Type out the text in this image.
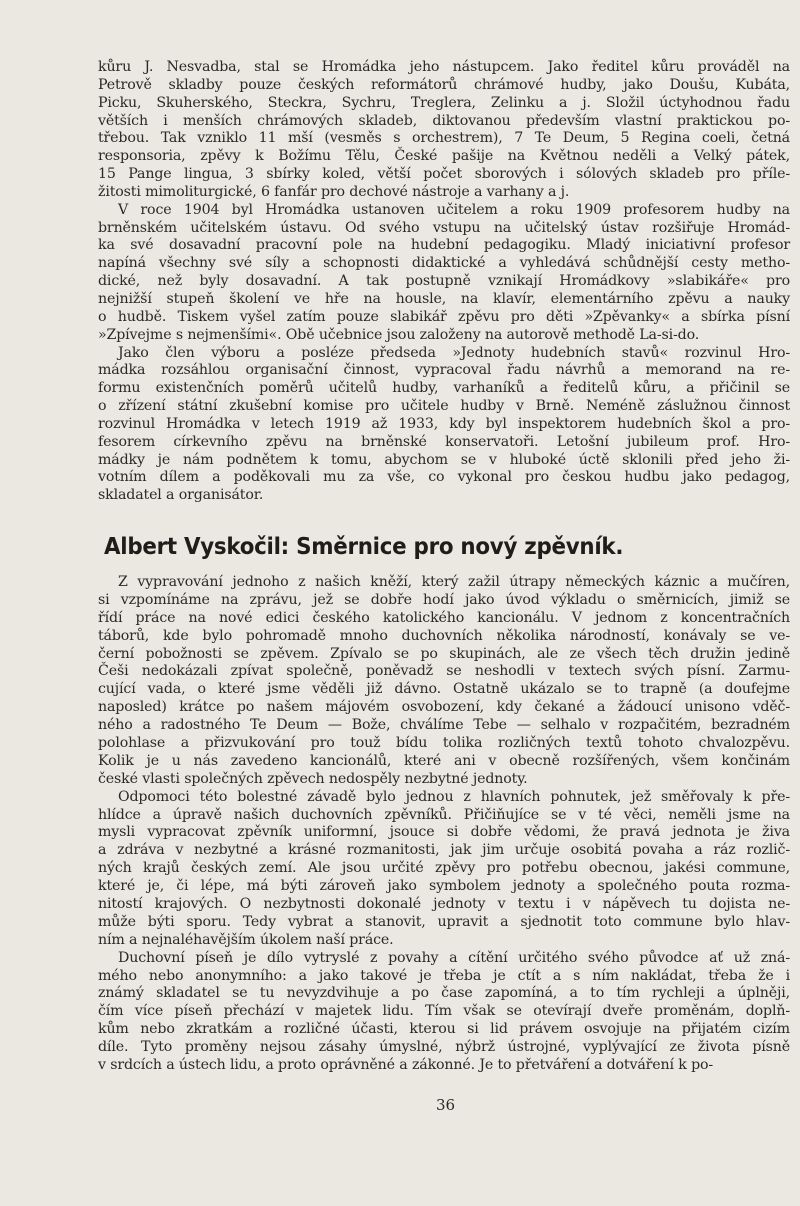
kůru J. Nesvadba, stal se Hromádka jeho nástupcem. Jako ředitel kůru prováděl na
Petrově skladby pouze českých reformátorů chrámové hudby, jako Doušu, Kubáta,
Picku, Skuherského, Steckra, Sychru, Treglera, Zelinku a j. Složil úctyhodnou řadu
větších i menších chrámových skladeb, diktovanou především vlastní praktickou po-
třebou. Tak vzniklo 11 mší (vesměs s orchestrem), 7 Te Deum, 5 Regina coeli, četná
responsoria, zpěvy k Božímu Tělu, České pašije na Květnou neděli a Velký pátek,
15 Pange lingua, 3 sbírky koled, větší počet sborových i sólových skladeb pro příle-
žitosti mimoliturgické, 6 fanfár pro dechové nástroje a varhany a j.
V roce 1904 byl Hromádka ustanoven učitelem a roku 1909 profesorem hudby na
brněnském učitelském ústavu. Od svého vstupu na učitelský ústav rozšiřuje Hromád-
ka své dosavadní pracovní pole na hudební pedagogiku. Mladý iniciativní profesor
napíná všechny své síly a schopnosti didaktické a vyhledává schůdnější cesty metho-
dické, než byly dosavadní. A tak postupně vznikají Hromádkovy »slabikáře« pro
nejnižší stupeň školení ve hře na housle, na klavír, elementárního zpěvu a nauky
o hudbě. Tiskem vyšel zatím pouze slabikář zpěvu pro děti »Zpěvanky« a sbírka písní
»Zpívejme s nejmenšími«. Obě učebnice jsou založeny na autorově methodě La-si-do.
Jako člen výboru a posléze předseda »Jednoty hudebních stavů« rozvinul Hro-
mádka rozsáhlou organisační činnost, vypracoval řadu návrhů a memorand na re-
formu existenčních poměrů učitelů hudby, varhaníků a ředitelů kůru, a přičinil se
o zřízení státní zkušební komise pro učitele hudby v Brně. Neméně záslužnou činnost
rozvinul Hromádka v letech 1919 až 1933, kdy byl inspektorem hudebních škol a pro-
fesorem církevního zpěvu na brněnské konservatoři. Letošní jubileum prof. Hro-
mádky je nám podnětem k tomu, abychom se v hluboké úctě sklonili před jeho ži-
votním dílem a poděkovali mu za vše, co vykonal pro českou hudbu jako pedagog,
skladatel a organisátor.
Albert Vyskočil: Směrnice pro nový zpěvník.
Z vypravování jednoho z našich kněží, který zažil útrapy německých káznic a mučíren,
si vzpomínáme na zprávu, jež se dobře hodí jako úvod výkladu o směrnicích, jimiž se
řídí práce na nové edici českého katolického kancionálu. V jednom z koncentračních
táborů, kde bylo pohromadě mnoho duchovních několika národností, konávaly se ve-
černí pobožnosti se zpěvem. Zpívalo se po skupinách, ale ze všech těch družin jedině
Češi nedokázali zpívat společně, poněvadž se neshodli v textech svých písní. Zarmu-
cující vada, o které jsme věděli již dávno. Ostatně ukázalo se to trapně (a doufejme
naposled) krátce po našem májovém osvobození, kdy čekané a žádoucí unisono vděč-
ného a radostného Te Deum — Bože, chválíme Tebe — selhalo v rozpačitém, bezradném
polohlase a přizvukování pro touž bídu tolika rozličných textů tohoto chvalozpěvu.
Kolik je u nás zavedeno kancionálů, které ani v obecně rozšířených, všem končinám
české vlasti společných zpěvech nedospěly nezbytné jednoty.
Odpomoci této bolestné závadě bylo jednou z hlavních pohnutek, jež směřovaly k pře-
hlídce a úpravě našich duchovních zpěvníků. Přičiňujíce se v té věci, neměli jsme na
mysli vypracovat zpěvník uniformní, jsouce si dobře vědomi, že pravá jednota je živa
a zdráva v nezbytné a krásné rozmanitosti, jak jim určuje osobitá povaha a ráz rozlič-
ných krajů českých zemí. Ale jsou určité zpěvy pro potřebu obecnou, jakési commune,
které je, či lépe, má býti zároveň jako symbolem jednoty a společného pouta rozma-
nitostí krajových. O nezbytnosti dokonalé jednoty v textu i v nápěvech tu dojista ne-
může býti sporu. Tedy vybrat a stanovit, upravit a sjednotit toto commune bylo hlav-
ním a nejnaléhavějším úkolem naší práce.
Duchovní píseň je dílo vytryslé z povahy a cítění určitého svého původce ať už zná-
mého nebo anonymního: a jako takové je třeba je ctít a s ním nakládat, třeba že i
známý skladatel se tu nevyzdvihuje a po čase zapomíná, a to tím rychleji a úplněji,
čím více píseň přechází v majetek lidu. Tím však se otevírají dveře proměnám, doplň-
kům nebo zkratkám a rozličné účasti, kterou si lid právem osvojuje na přijatém cizím
díle. Tyto proměny nejsou zásahy úmyslné, nýbrž ústrojné, vyplývající ze života písně
v srdcích a ústech lidu, a proto oprávněné a zákonné. Je to přetváření a dotváření k po-
36
